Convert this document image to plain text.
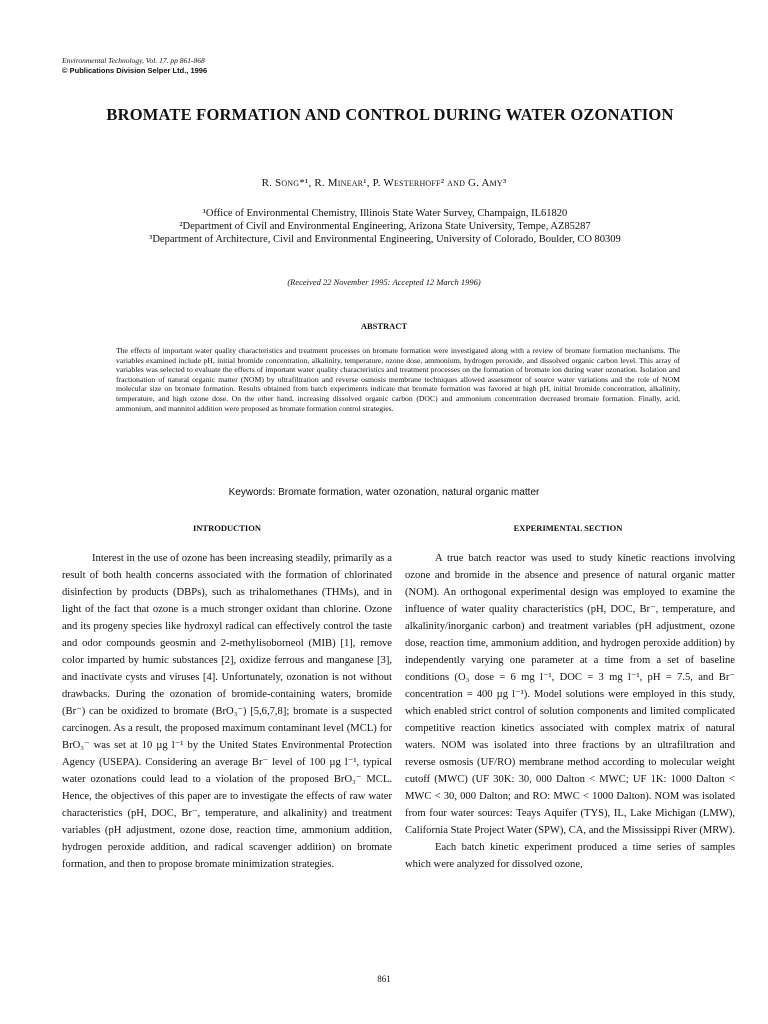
Environmental Technology, Vol. 17. pp 861-868
© Publications Division Selper Ltd., 1996
BROMATE FORMATION AND CONTROL DURING WATER OZONATION
R. Song*¹, R. Minear¹, P. Westerhoff² and G. Amy³
¹Office of Environmental Chemistry, Illinois State Water Survey, Champaign, IL61820
²Department of Civil and Environmental Engineering, Arizona State University, Tempe, AZ85287
³Department of Architecture, Civil and Environmental Engineering, University of Colorado, Boulder, CO 80309
(Received 22 November 1995: Accepted 12 March 1996)
ABSTRACT
The effects of important water quality characteristics and treatment processes on bromate formation were investigated along with a review of bromate formation mechanisms. The variables examined include pH, initial bromide concentration, alkalinity, temperature, ozone dose, ammonium, hydrogen peroxide, and dissolved organic carbon level. This array of variables was selected to evaluate the effects of important water quality characteristics and treatment processes on the formation of bromate ion during water ozonation. Isolation and fractionation of natural organic matter (NOM) by ultrafiltration and reverse osmosis membrane techniques allowed assessment of source water variations and the role of NOM molecular size on bromate formation. Results obtained from batch experiments indicate that bromate formation was favored at high pH, initial bromide concentration, alkalinity, temperature, and high ozone dose. On the other hand, increasing dissolved organic carbon (DOC) and ammonium concentration decreased bromate formation. Finally, acid, ammonium, and mannitol addition were proposed as bromate formation control strategies.
Keywords: Bromate formation, water ozonation, natural organic matter
INTRODUCTION	EXPERIMENTAL SECTION

Interest in the use of ozone has been increasing steadily, primarily as a result of both health concerns associated with the formation of chlorinated disinfection by products (DBPs), such as trihalomethanes (THMs), and in light of the fact that ozone is a much stronger oxidant than chlorine. Ozone and its progeny species like hydroxyl radical can effectively control the taste and odor compounds geosmin and 2-methylisoborneol (MIB) [1], remove color imparted by humic substances [2], oxidize ferrous and manganese [3], and inactivate cysts and viruses [4]. Unfortunately, ozonation is not without drawbacks. During the ozonation of bromide-containing waters, bromide (Br⁻) can be oxidized to bromate (BrO₃⁻) [5,6,7,8]; bromate is a suspected carcinogen. As a result, the proposed maximum contaminant level (MCL) for BrO₃⁻ was set at 10 µg l⁻¹ by the United States Environmental Protection Agency (USEPA). Considering an average Br⁻ level of 100 µg l⁻¹, typical water ozonations could lead to a violation of the proposed BrO₃⁻ MCL. Hence, the objectives of this paper are to investigate the effects of raw water characteristics (pH, DOC, Br⁻, temperature, and alkalinity) and treatment variables (pH adjustment, ozone dose, reaction time, ammonium addition, hydrogen peroxide addition, and radical scavenger addition) on bromate formation, and then to propose bromate minimization strategies.

A true batch reactor was used to study kinetic reactions involving ozone and bromide in the absence and presence of natural organic matter (NOM). An orthogonal experimental design was employed to examine the influence of water quality characteristics (pH, DOC, Br⁻, temperature, and alkalinity/inorganic carbon) and treatment variables (pH adjustment, ozone dose, reaction time, ammonium addition, and hydrogen peroxide addition) by independently varying one parameter at a time from a set of baseline conditions (O₃ dose = 6 mg l⁻¹, DOC = 3 mg l⁻¹, pH = 7.5, and Br⁻ concentration = 400 µg l⁻¹). Model solutions were employed in this study, which enabled strict control of solution components and limited complicated competitive reaction kinetics associated with complex matrix of natural waters. NOM was isolated into three fractions by an ultrafiltration and reverse osmosis (UF/RO) membrane method according to molecular weight cutoff (MWC) (UF 30K: 30, 000 Dalton < MWC; UF 1K: 1000 Dalton < MWC < 30, 000 Dalton; and RO: MWC < 1000 Dalton). NOM was isolated from four water sources: Teays Aquifer (TYS), IL, Lake Michigan (LMW), California State Project Water (SPW), CA, and the Mississippi River (MRW).

Each batch kinetic experiment produced a time series of samples which were analyzed for dissolved ozone,

861
